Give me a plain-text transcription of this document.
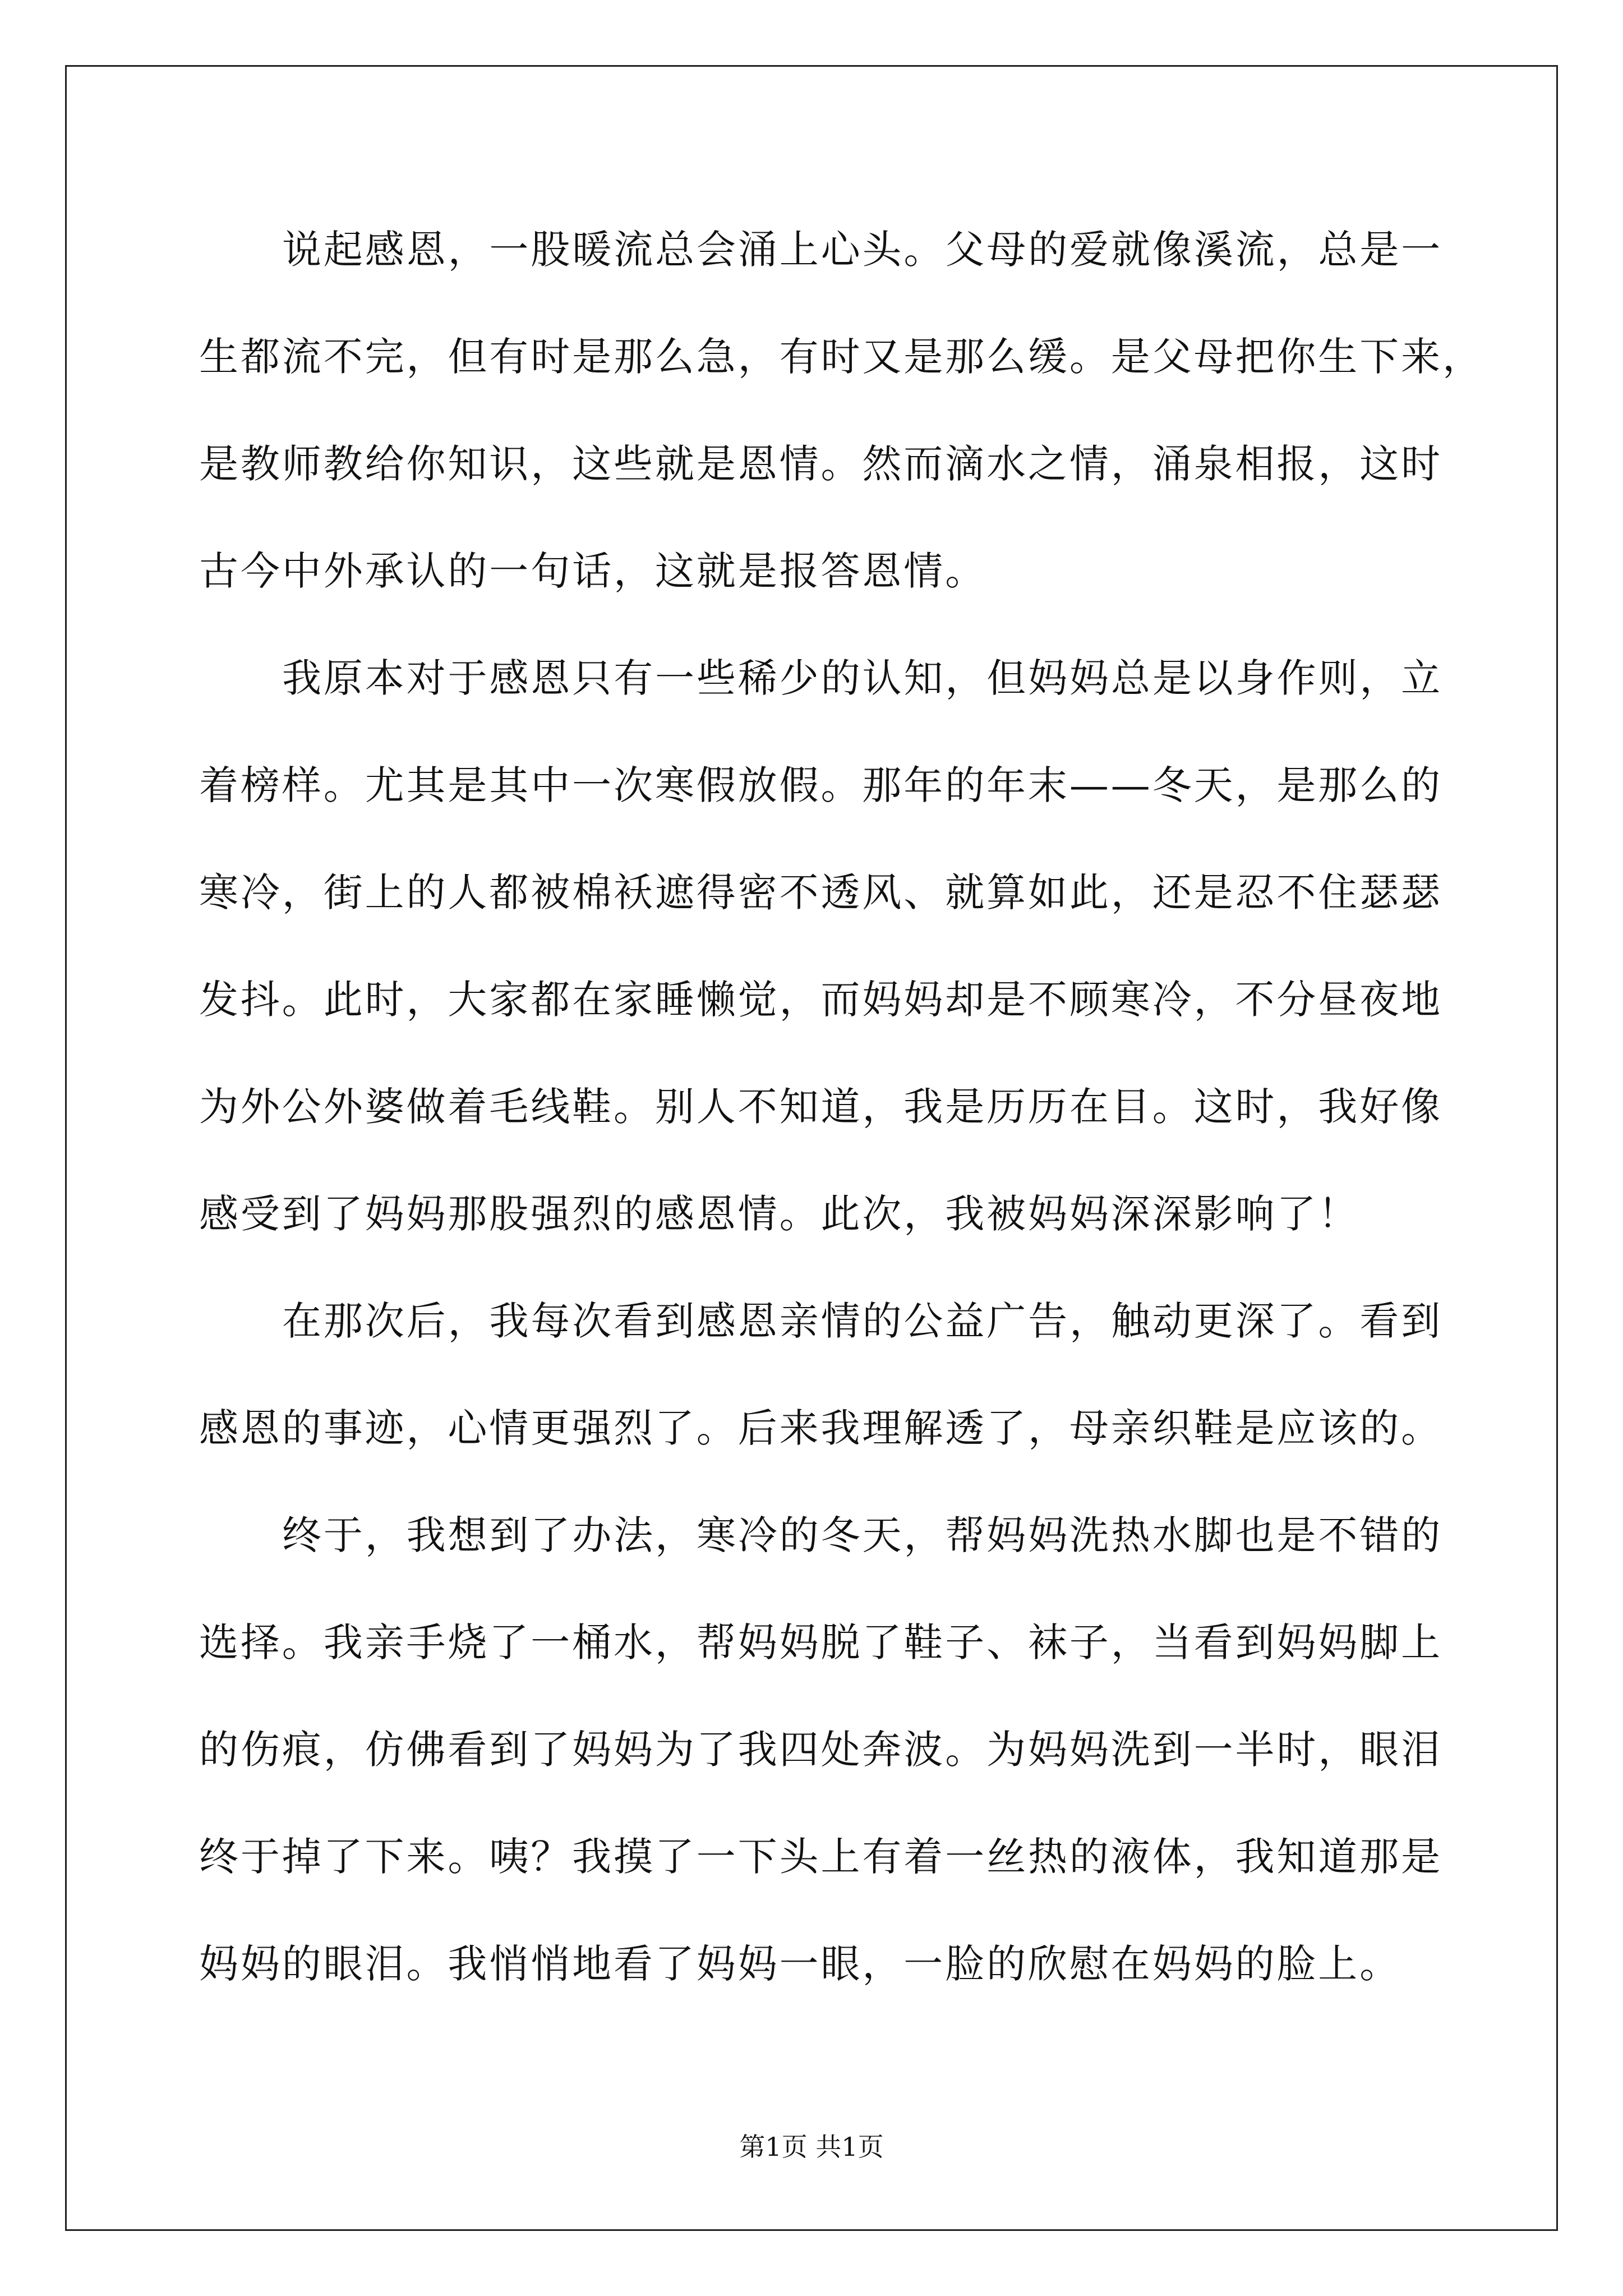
说起感恩，一股暖流总会涌上心头。父母的爱就像溪流，总是一
生都流不完，但有时是那么急，有时又是那么缓。是父母把你生下来，
是教师教给你知识，这些就是恩情。然而滴水之情，涌泉相报，这时
古今中外承认的一句话，这就是报答恩情。
我原本对于感恩只有一些稀少的认知，但妈妈总是以身作则，立
着榜样。尤其是其中一次寒假放假。那年的年末——冬天，是那么的
寒冷，街上的人都被棉袄遮得密不透风、就算如此，还是忍不住瑟瑟
发抖。此时，大家都在家睡懒觉，而妈妈却是不顾寒冷，不分昼夜地
为外公外婆做着毛线鞋。别人不知道，我是历历在目。这时，我好像
感受到了妈妈那股强烈的感恩情。此次，我被妈妈深深影响了！
在那次后，我每次看到感恩亲情的公益广告，触动更深了。看到
感恩的事迹，心情更强烈了。后来我理解透了，母亲织鞋是应该的。
终于，我想到了办法，寒冷的冬天，帮妈妈洗热水脚也是不错的
选择。我亲手烧了一桶水，帮妈妈脱了鞋子、袜子，当看到妈妈脚上
的伤痕，仿佛看到了妈妈为了我四处奔波。为妈妈洗到一半时，眼泪
终于掉了下来。咦？我摸了一下头上有着一丝热的液体，我知道那是
妈妈的眼泪。我悄悄地看了妈妈一眼，一脸的欣慰在妈妈的脸上。
第1页 共1页
